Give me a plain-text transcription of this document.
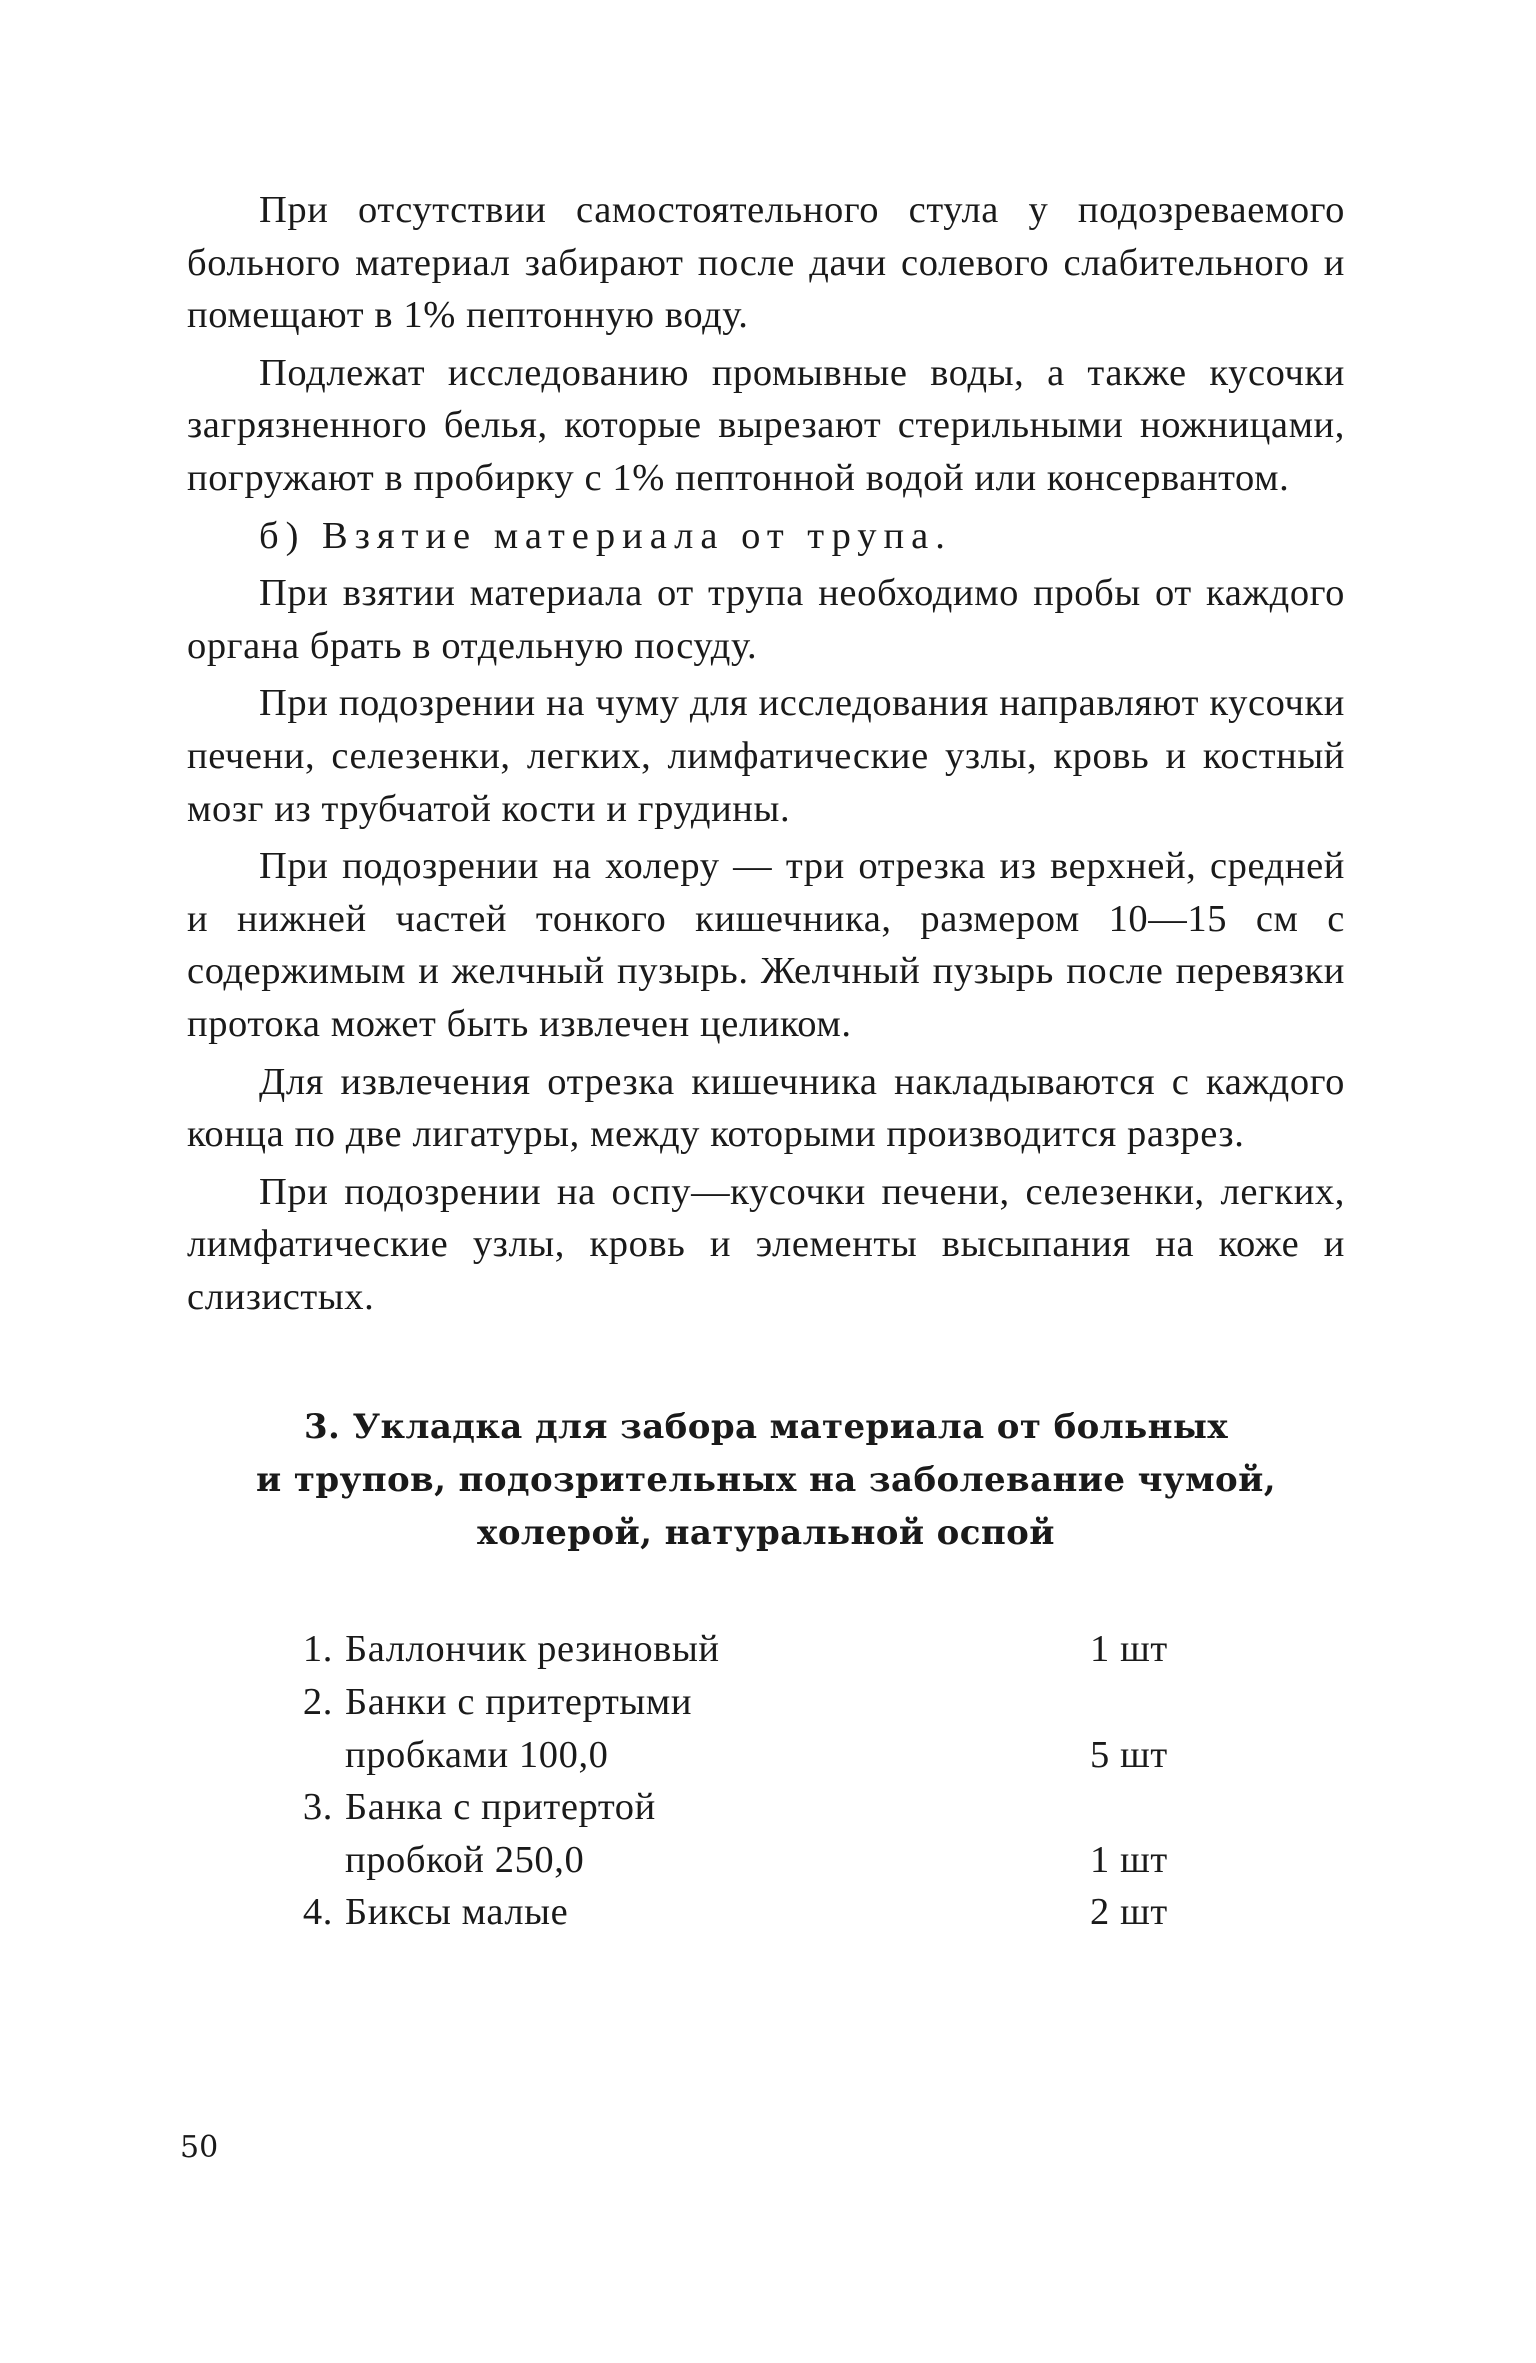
При отсутствии самостоятельного стула у подозреваемого больного материал забирают после дачи солевого слабительного и помещают в 1% пептонную воду.

Подлежат исследованию промывные воды, а также кусочки загрязненного белья, которые вырезают стерильными ножницами, погружают в пробирку с 1% пептонной водой или консервантом.

б) Взятие материала от трупа.

При взятии материала от трупа необходимо пробы от каждого органа брать в отдельную посуду.

При подозрении на чуму для исследования направляют кусочки печени, селезенки, легких, лимфатические узлы, кровь и костный мозг из трубчатой кости и грудины.

При подозрении на холеру — три отрезка из верхней, средней и нижней частей тонкого кишечника, размером 10—15 см с содержимым и желчный пузырь. Желчный пузырь после перевязки протока может быть извлечен целиком.

Для извлечения отрезка кишечника накладываются с каждого конца по две лигатуры, между которыми производится разрез.

При подозрении на оспу—кусочки печени, селезенки, легких, лимфатические узлы, кровь и элементы высыпания на коже и слизистых.

3. Укладка для забора материала от больных
и трупов, подозрительных на заболевание чумой,
холерой, натуральной оспой
1. Баллончик резиновый	1 шт
2. Банки с притертыми
пробками 100,0	5 шт
3. Банка с притертой
пробкой 250,0	1 шт
4. Биксы малые	2 шт
50
